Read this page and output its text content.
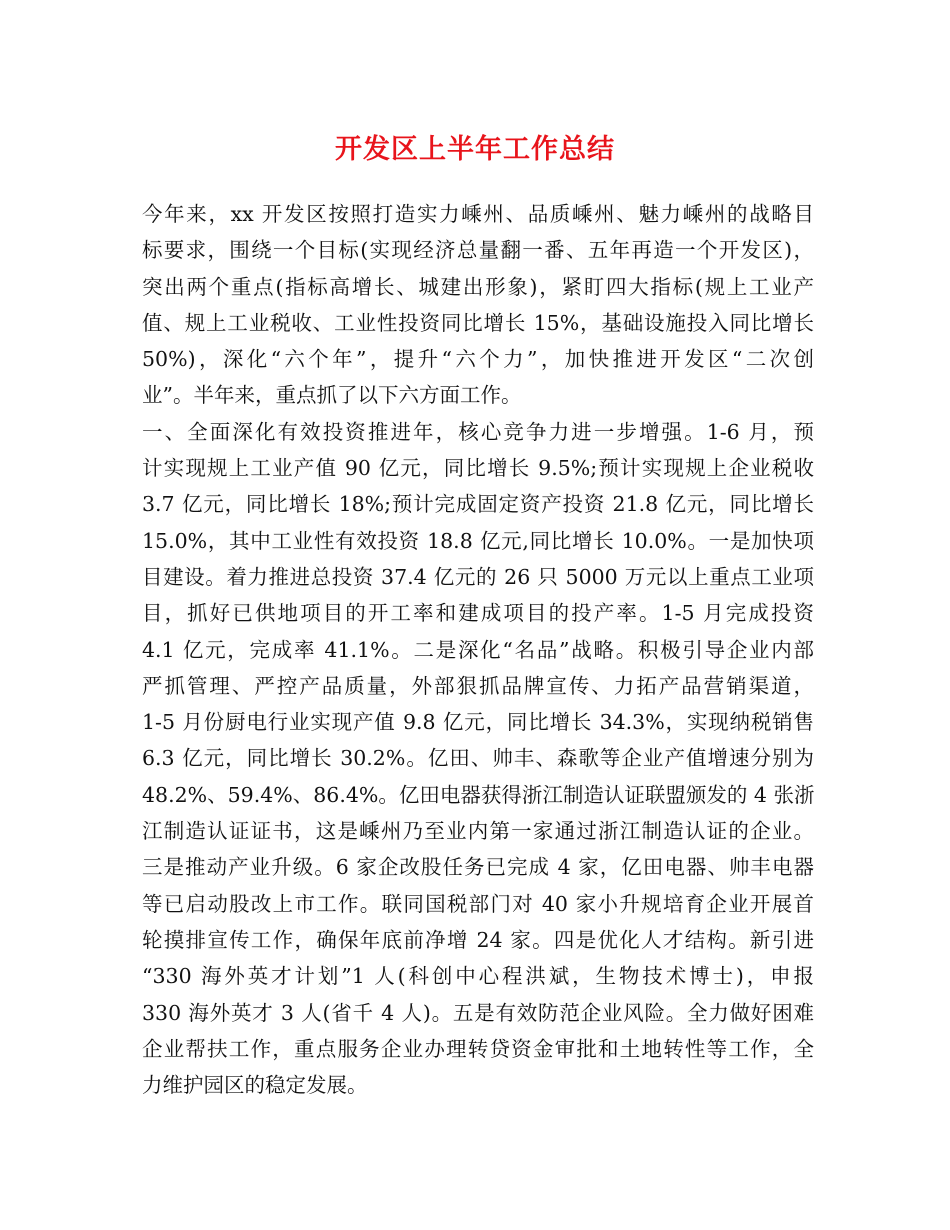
开发区上半年工作总结
今年来，xx 开发区按照打造实力嵊州、品质嵊州、魅力嵊州的战略目
标要求，围绕一个目标(实现经济总量翻一番、五年再造一个开发区)，
突出两个重点(指标高增长、城建出形象)，紧盯四大指标(规上工业产
值、规上工业税收、工业性投资同比增长 15%，基础设施投入同比增长
50%)，深化“六个年”，提升“六个力”，加快推进开发区“二次创
业”。半年来，重点抓了以下六方面工作。
一、全面深化有效投资推进年，核心竞争力进一步增强。1-6 月，预
计实现规上工业产值 90 亿元，同比增长 9.5%;预计实现规上企业税收
3.7 亿元，同比增长 18%;预计完成固定资产投资 21.8 亿元，同比增长
15.0%，其中工业性有效投资 18.8 亿元,同比增长 10.0%。一是加快项
目建设。着力推进总投资 37.4 亿元的 26 只 5000 万元以上重点工业项
目，抓好已供地项目的开工率和建成项目的投产率。1-5 月完成投资
4.1 亿元，完成率 41.1%。二是深化“名品”战略。积极引导企业内部
严抓管理、严控产品质量，外部狠抓品牌宣传、力拓产品营销渠道，
1-5 月份厨电行业实现产值 9.8 亿元，同比增长 34.3%，实现纳税销售
6.3 亿元，同比增长 30.2%。亿田、帅丰、森歌等企业产值增速分别为
48.2%、59.4%、86.4%。亿田电器获得浙江制造认证联盟颁发的 4 张浙
江制造认证证书，这是嵊州乃至业内第一家通过浙江制造认证的企业。
三是推动产业升级。6 家企改股任务已完成 4 家，亿田电器、帅丰电器
等已启动股改上市工作。联同国税部门对 40 家小升规培育企业开展首
轮摸排宣传工作，确保年底前净增 24 家。四是优化人才结构。新引进
“330 海外英才计划”1 人(科创中心程洪斌，生物技术博士)，申报
330 海外英才 3 人(省千 4 人)。五是有效防范企业风险。全力做好困难
企业帮扶工作，重点服务企业办理转贷资金审批和土地转性等工作，全
力维护园区的稳定发展。
